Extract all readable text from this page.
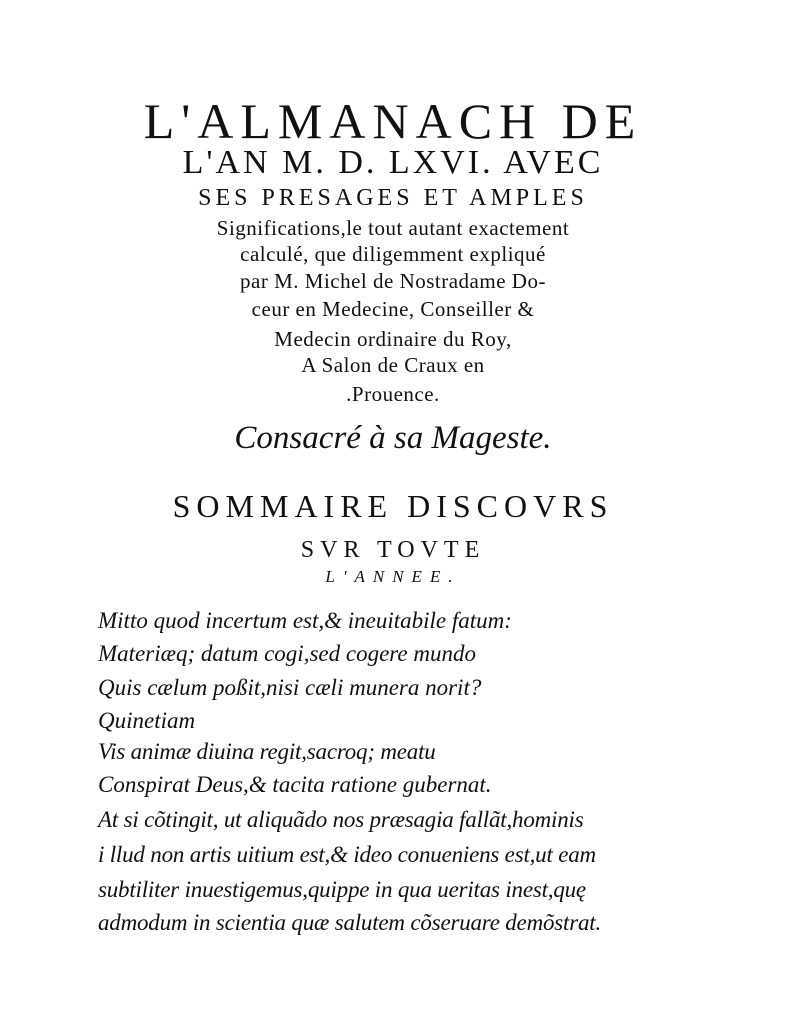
L'ALMANACH DE
L'AN M. D. LXVI. AVEC
SES PRESAGES ET AMPLES
Significations,le tout autant exactement
calculé, que diligemment expliqué
par M. Michel de Nostradame Do-
ceur en Medecine, Conseiller &
Medecin ordinaire du Roy,
A Salon de Craux en
.Prouence.
Consacré à sa Mageste.
SOMMAIRE DISCOVRS
SVR TOVTE
L'ANNEE.
Mitto quod incertum est,& ineuitabile fatum:
Materiæq; datum cogi,sed cogere mundo
Quis cælum poßit,nisi cæli munera norit?
Quinetiam
Vis animæ diuina regit,sacroq; meatu
Conspirat Deus,& tacita ratione gubernat.
At si cõtingit, ut aliquãdo nos præsagia fallãt,hominis
i llud non artis uitium est,& ideo conueniens est,ut eam
subtiliter inuestigemus,quippe in qua ueritas inest,quę
admodum in scientia quæ salutem cõseruare demõstrat.
